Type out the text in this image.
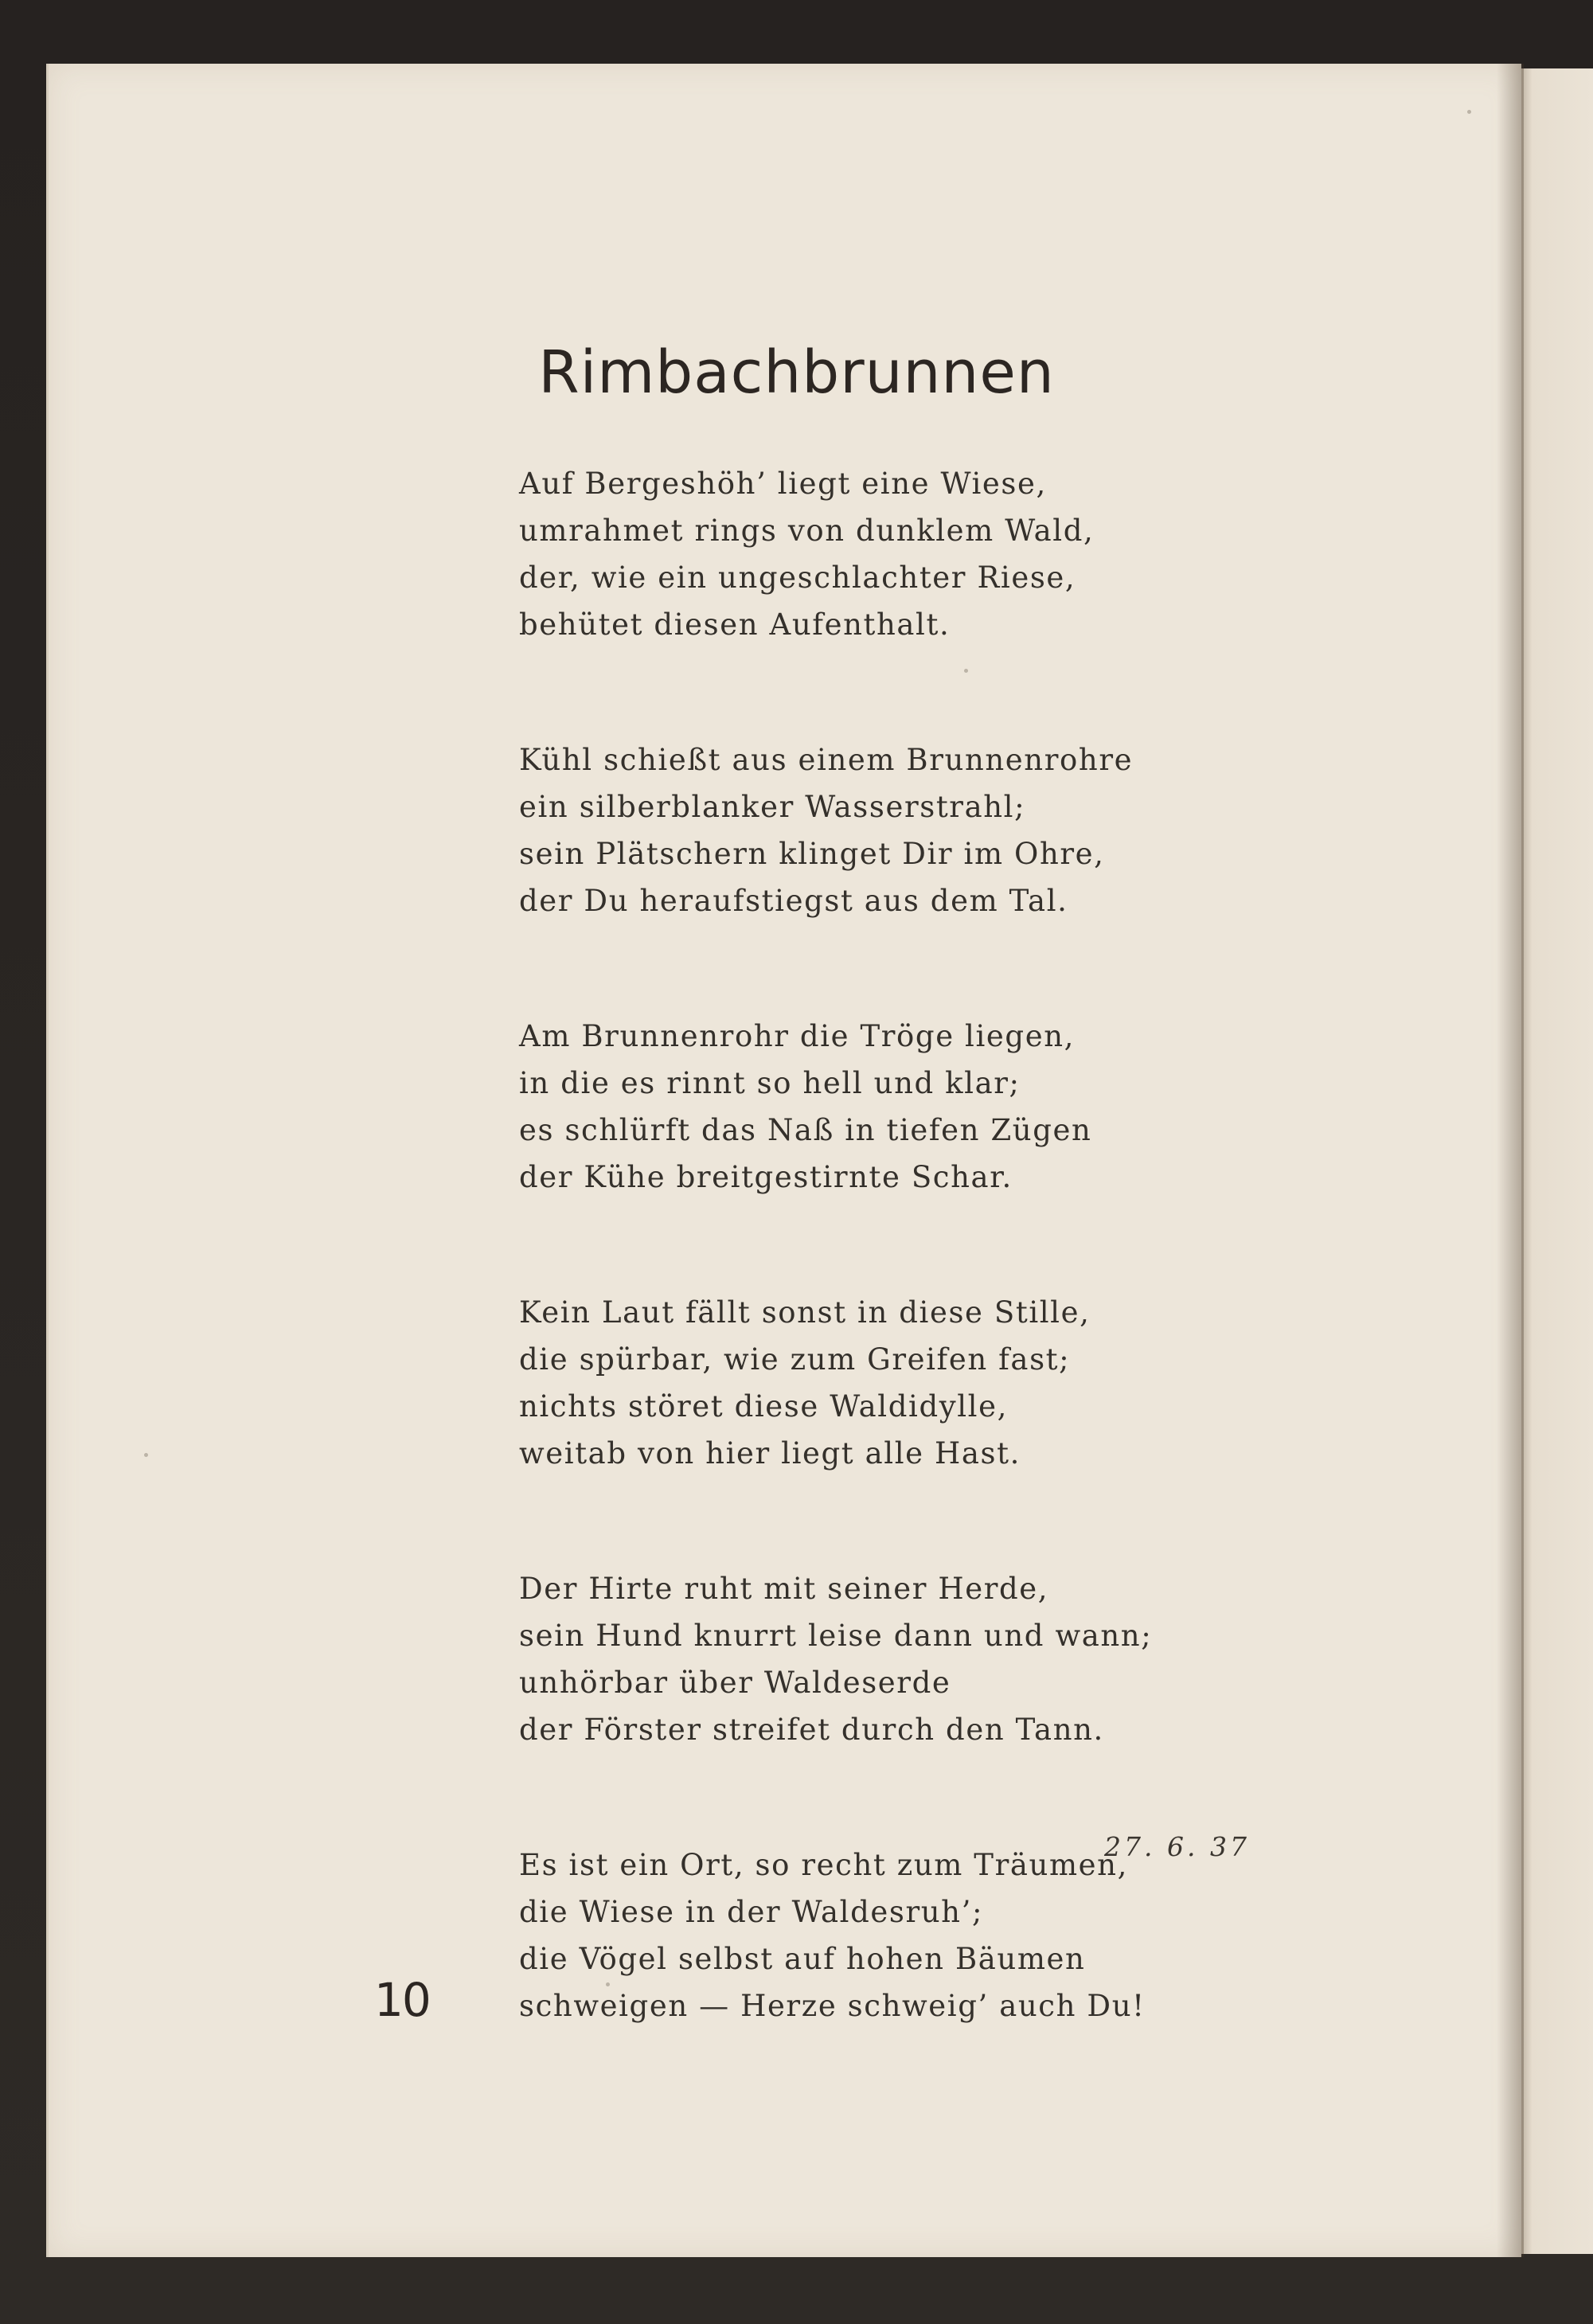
Rimbachbrunnen
Auf Bergeshöh’ liegt eine Wiese,
umrahmet rings von dunklem Wald,
der, wie ein ungeschlachter Riese,
behütet diesen Aufenthalt.
Kühl schießt aus einem Brunnenrohre
ein silberblanker Wasserstrahl;
sein Plätschern klinget Dir im Ohre,
der Du heraufstiegst aus dem Tal.
Am Brunnenrohr die Tröge liegen,
in die es rinnt so hell und klar;
es schlürft das Naß in tiefen Zügen
der Kühe breitgestirnte Schar.
Kein Laut fällt sonst in diese Stille,
die spürbar, wie zum Greifen fast;
nichts störet diese Waldidylle,
weitab von hier liegt alle Hast.
Der Hirte ruht mit seiner Herde,
sein Hund knurrt leise dann und wann;
unhörbar über Waldeserde
der Förster streifet durch den Tann.
Es ist ein Ort, so recht zum Träumen,
die Wiese in der Waldesruh’;
die Vögel selbst auf hohen Bäumen
schweigen — Herze schweig’ auch Du!
27. 6. 37
10
